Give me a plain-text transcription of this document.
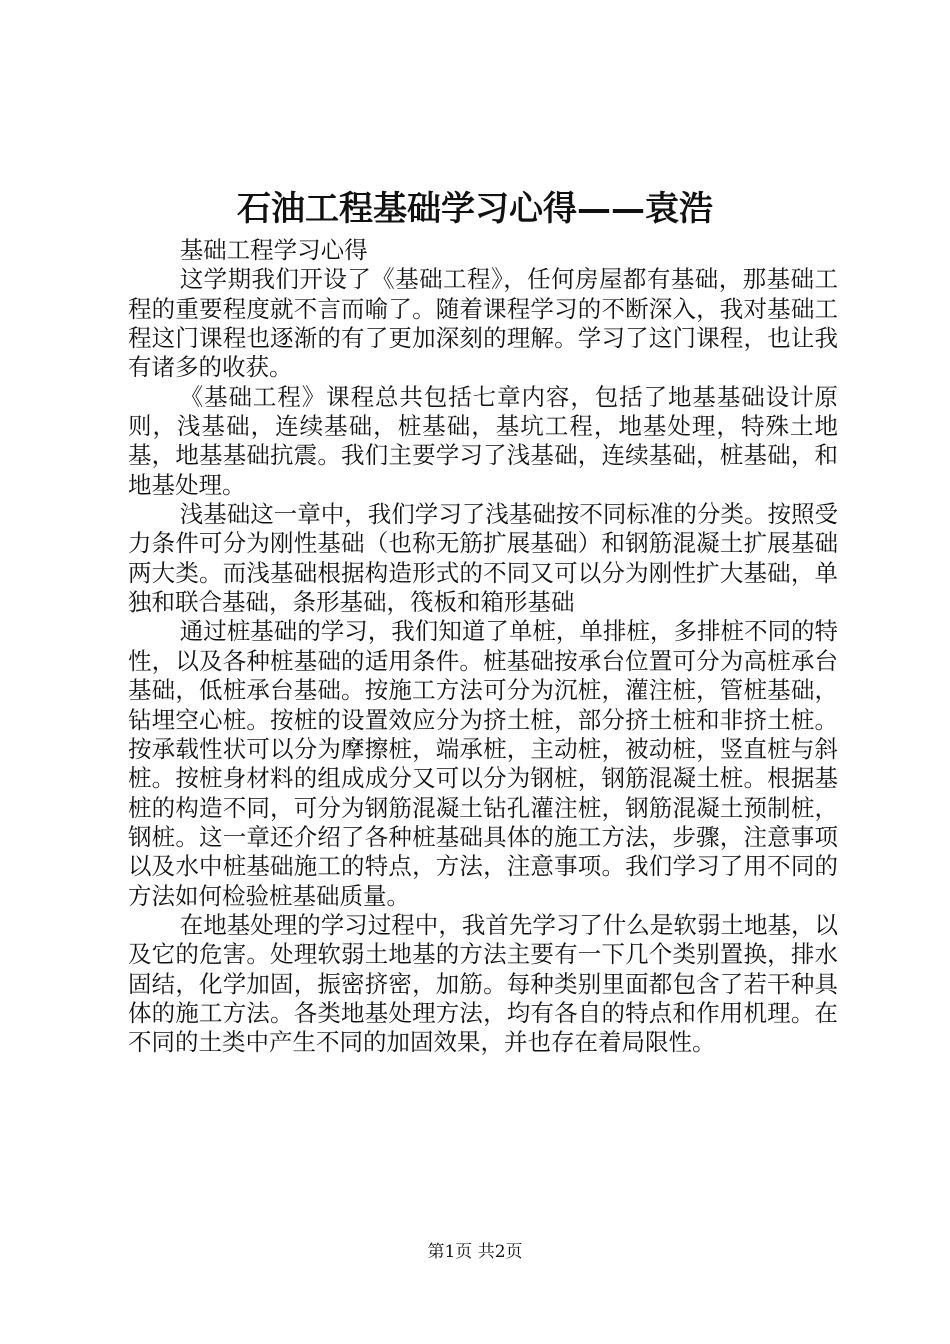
石油工程基础学习心得——袁浩

基础工程学习心得

这学期我们开设了《基础工程》，任何房屋都有基础，那基础工程的重要程度就不言而喻了。随着课程学习的不断深入，我对基础工程这门课程也逐渐的有了更加深刻的理解。学习了这门课程，也让我有诸多的收获。

《基础工程》课程总共包括七章内容，包括了地基基础设计原则，浅基础，连续基础，桩基础，基坑工程，地基处理，特殊土地基，地基基础抗震。我们主要学习了浅基础，连续基础，桩基础，和地基处理。

浅基础这一章中，我们学习了浅基础按不同标准的分类。按照受力条件可分为刚性基础（也称无筋扩展基础）和钢筋混凝土扩展基础两大类。而浅基础根据构造形式的不同又可以分为刚性扩大基础，单独和联合基础，条形基础，筏板和箱形基础

通过桩基础的学习，我们知道了单桩，单排桩，多排桩不同的特性，以及各种桩基础的适用条件。桩基础按承台位置可分为高桩承台基础，低桩承台基础。按施工方法可分为沉桩，灌注桩，管桩基础，钻埋空心桩。按桩的设置效应分为挤土桩，部分挤土桩和非挤土桩。按承载性状可以分为摩擦桩，端承桩，主动桩，被动桩，竖直桩与斜桩。按桩身材料的组成成分又可以分为钢桩，钢筋混凝土桩。根据基桩的构造不同，可分为钢筋混凝土钻孔灌注桩，钢筋混凝土预制桩，钢桩。这一章还介绍了各种桩基础具体的施工方法，步骤，注意事项以及水中桩基础施工的特点，方法，注意事项。我们学习了用不同的方法如何检验桩基础质量。

在地基处理的学习过程中，我首先学习了什么是软弱土地基，以及它的危害。处理软弱土地基的方法主要有一下几个类别置换，排水固结，化学加固，振密挤密，加筋。每种类别里面都包含了若干种具体的施工方法。各类地基处理方法，均有各自的特点和作用机理。在不同的土类中产生不同的加固效果，并也存在着局限性。

第1页 共2页
